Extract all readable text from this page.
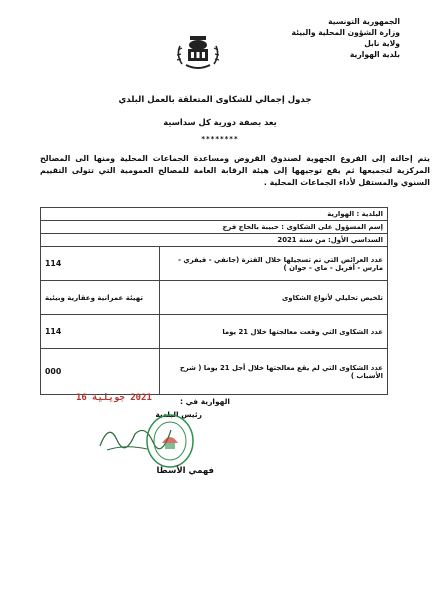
الجمهورية التونسية
وزارة الشؤون المحلية والبيئة
ولاية نابل
بلدية الهوارية
جدول إجمالي للشكاوى المتعلقة بالعمل البلدي
يعد بصفة دورية كل سداسية
********
يتم إحالته إلى الفروع الجهوية لصندوق القروض ومساعدة الجماعات المحلية ومنها الى المصالح المركزية لتجميعها ثم يقع توجيهها إلى هيئة الرقابة العامة للمصالح العمومية التي تتولى التقييم السنوي والمستقل لأداء الجماعات المحلية .
البلدية : الهوارية	
إسم المسؤول على الشكاوى : حبيبة بالحاج فرج	
السداسي الأول: من سنة 2021	
114	عدد العرائض التي تم تسجيلها خلال الفترة (جانفي - فيفري - مارس - أفريل - ماي - جوان )
تهيئة عمرانية وعقارية وبيئية	تلخيص تحليلي لأنواع الشكاوى
114	عدد الشكاوى التي وقعت معالجتها خلال 21 يوما
000	عدد الشكاوى التي لم يقع معالجتها خلال أجل 21 يوما ( شرح الأسباب )
2021 جويلية 16	الهوارية في :
رئيس البلدية
فهمي الأسطا
